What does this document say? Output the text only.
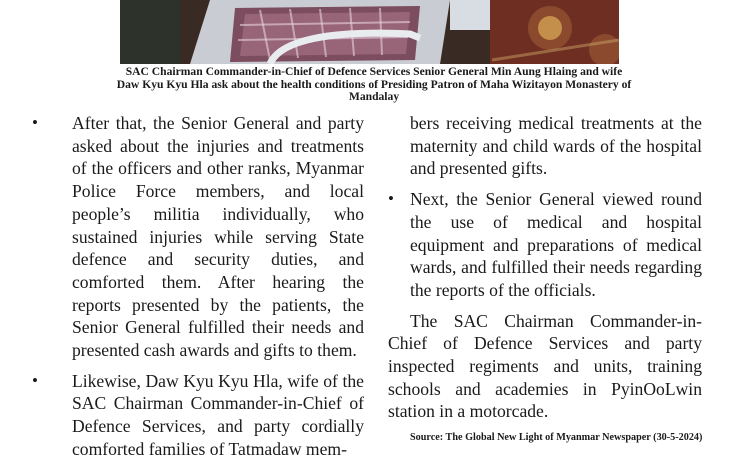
SAC Chairman Commander-in-Chief of Defence Services Senior General Min Aung Hlaing and wife
Daw Kyu Kyu Hla ask about the health conditions of Presiding Patron of Maha Wizitayon Monastery of
Mandalay

•	After that, the Senior General and party asked about the injuries and treatments of the officers and other ranks, Myanmar Police Force members, and local people’s militia individually, who sustained injuries while serving State defence and security duties, and comforted them. After hearing the reports presented by the patients, the Senior General fulfilled their needs and presented cash awards and gifts to them.

•	Likewise, Daw Kyu Kyu Hla, wife of the SAC Chairman Commander-in-Chief of Defence Services, and party cordially comforted families of Tatmadaw mem-

bers receiving medical treatments at the maternity and child wards of the hospital and presented gifts.

• Next, the Senior General viewed round the use of medical and hospital equipment and preparations of medical wards, and fulfilled their needs regarding the reports of the officials.

The SAC Chairman Commander-in-Chief of Defence Services and party inspected regiments and units, training schools and academies in PyinOoLwin station in a motorcade.

Source: The Global New Light of Myanmar Newspaper (30-5-2024)
